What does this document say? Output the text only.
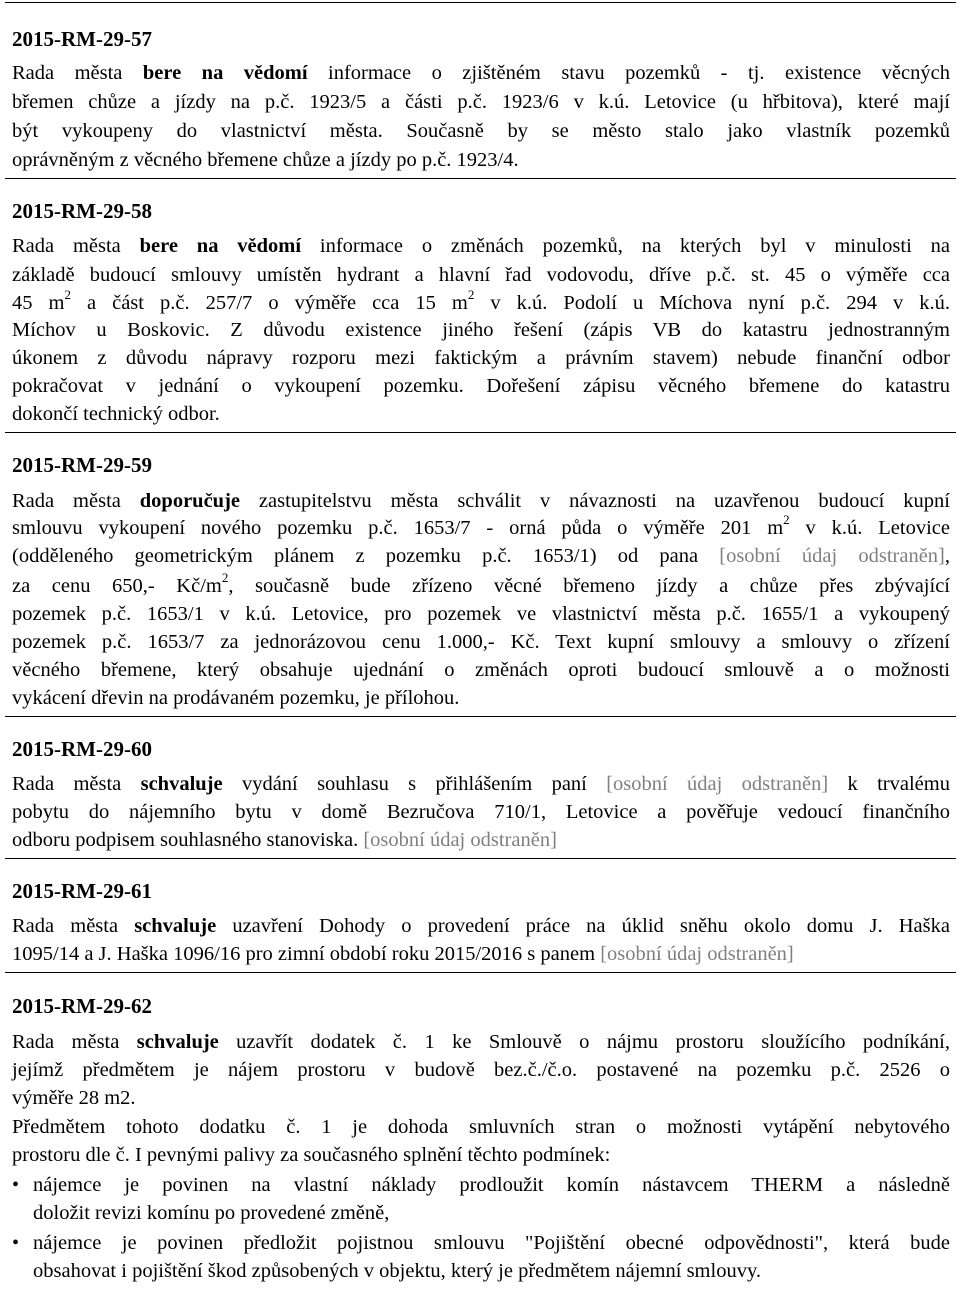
2015-RM-29-57
Rada města bere na vědomí informace o zjištěném stavu pozemků - tj. existence věcných
břemen chůze a jízdy na p.č. 1923/5 a části p.č. 1923/6 v k.ú. Letovice (u hřbitova), které mají
být vykoupeny do vlastnictví města. Současně by se město stalo jako vlastník pozemků
oprávněným z věcného břemene chůze a jízdy po p.č. 1923/4.
2015-RM-29-58
Rada města bere na vědomí informace o změnách pozemků, na kterých byl v minulosti na
základě budoucí smlouvy umístěn hydrant a hlavní řad vodovodu, dříve p.č. st. 45 o výměře cca
45 $m^2$ a část p.č. 257/7 o výměře cca 15 $m^2$ v k.ú. Podolí u Míchova nyní p.č. 294 v k.ú.
Míchov u Boskovic. Z důvodu existence jiného řešení (zápis VB do katastru jednostranným
úkonem z důvodu nápravy rozporu mezi faktickým a právním stavem) nebude finanční odbor
pokračovat v jednání o vykoupení pozemku. Dořešení zápisu věcného břemene do katastru
dokončí technický odbor.
2015-RM-29-59
Rada města doporučuje zastupitelstvu města schválit v návaznosti na uzavřenou budoucí kupní
smlouvu vykoupení nového pozemku p.č. 1653/7 - orná půda o výměře 201 $m^2$ v k.ú. Letovice
(odděleného geometrickým plánem z pozemku p.č. 1653/1) od pana [osobní údaj odstraněn],
za cenu 650,- $Kč/m^2$, současně bude zřízeno věcné břemeno jízdy a chůze přes zbývající
pozemek p.č. 1653/1 v k.ú. Letovice, pro pozemek ve vlastnictví města p.č. 1655/1 a vykoupený
pozemek p.č. 1653/7 za jednorázovou cenu 1.000,- Kč. Text kupní smlouvy a smlouvy o zřízení
věcného břemene, který obsahuje ujednání o změnách oproti budoucí smlouvě a o možnosti
vykácení dřevin na prodávaném pozemku, je přílohou.
2015-RM-29-60
Rada města schvaluje vydání souhlasu s přihlášením paní [osobní údaj odstraněn] k trvalému
pobytu do nájemního bytu v domě Bezručova 710/1, Letovice a pověřuje vedoucí finančního
odboru podpisem souhlasného stanoviska. [osobní údaj odstraněn]
2015-RM-29-61
Rada města schvaluje uzavření Dohody o provedení práce na úklid sněhu okolo domu J. Haška
1095/14 a J. Haška 1096/16 pro zimní období roku 2015/2016 s panem [osobní údaj odstraněn]
2015-RM-29-62
Rada města schvaluje uzavřít dodatek č. 1 ke Smlouvě o nájmu prostoru sloužícího podníkání,
jejímž předmětem je nájem prostoru v budově bez.č./č.o. postavené na pozemku p.č. 2526 o
výměře 28 m2.
Předmětem tohoto dodatku č. 1 je dohoda smluvních stran o možnosti vytápění nebytového
prostoru dle č. I pevnými palivy za současného splnění těchto podmínek:
• nájemce je povinen na vlastní náklady prodloužit komín nástavcem THERM a následně
doložit revizi komínu po provedené změně,
• nájemce je povinen předložit pojistnou smlouvu "Pojištění obecné odpovědnosti", která bude
obsahovat i pojištění škod způsobených v objektu, který je předmětem nájemní smlouvy.
